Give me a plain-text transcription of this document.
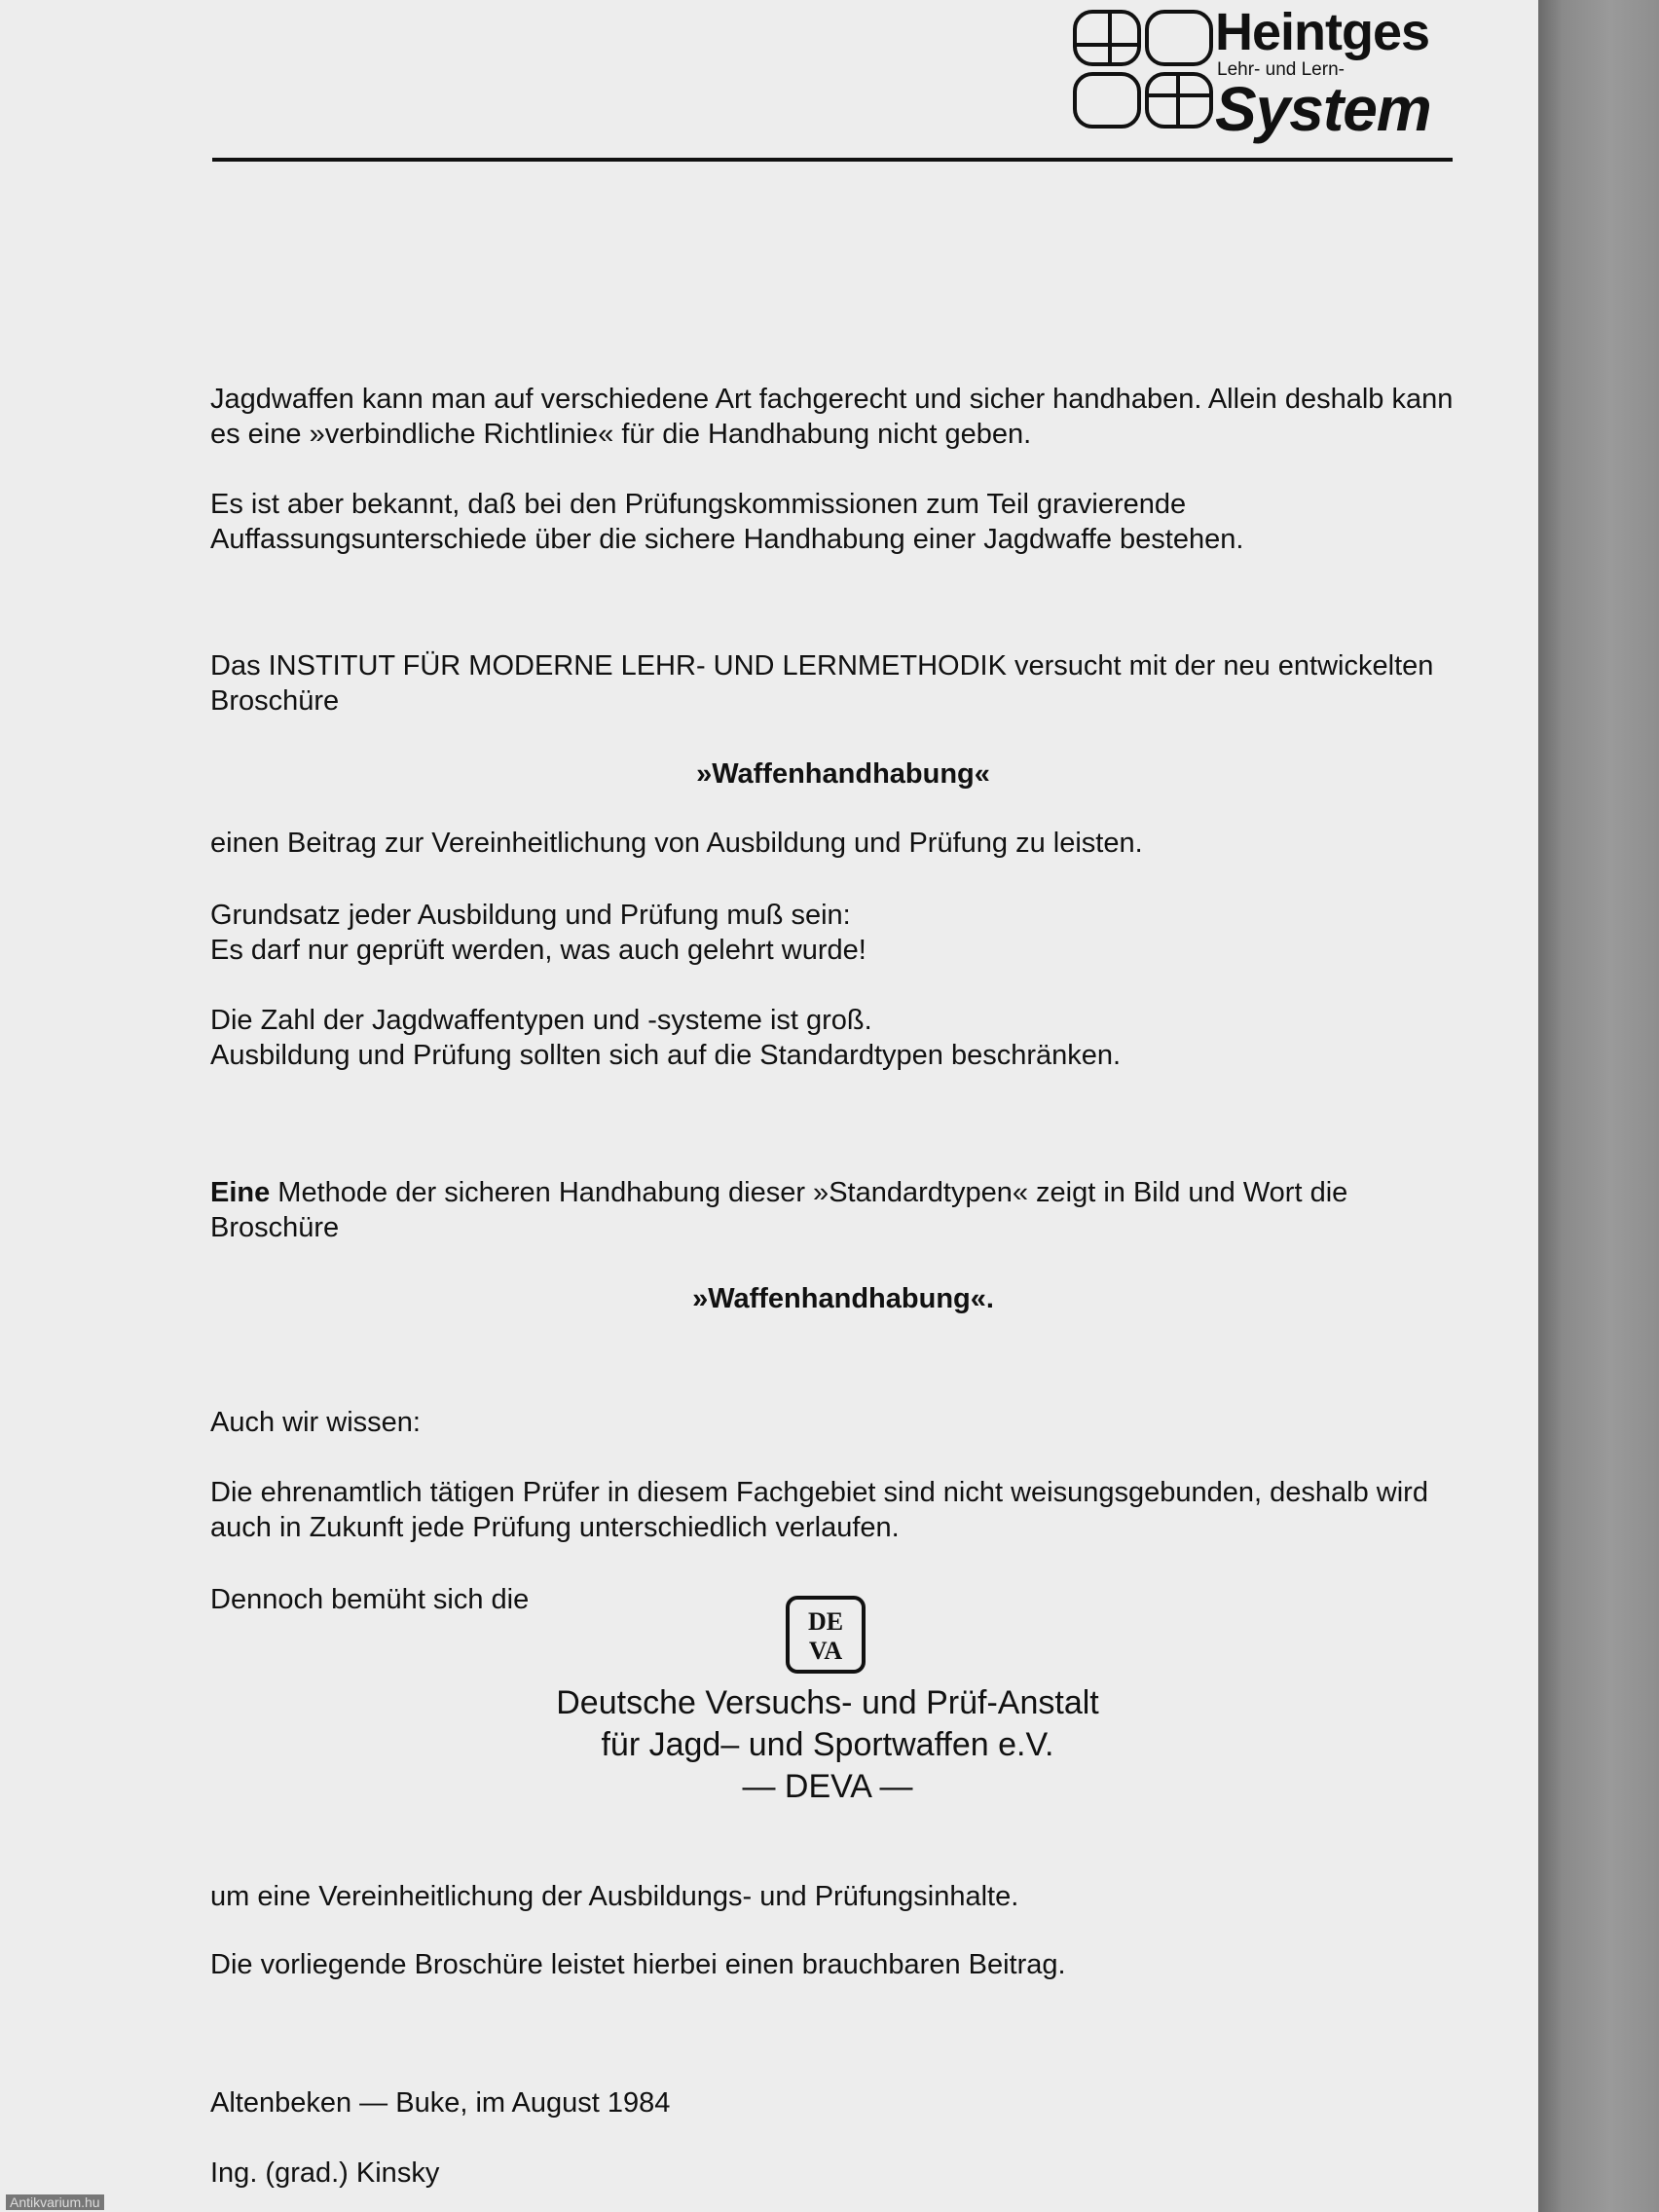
Heintges
Lehr- und Lern-
System

Jagdwaffen kann man auf verschiedene Art fachgerecht und sicher handhaben. Allein deshalb kann es eine »verbindliche Richtlinie« für die Handhabung nicht geben.

Es ist aber bekannt, daß bei den Prüfungskommissionen zum Teil gravierende Auffassungsunterschiede über die sichere Handhabung einer Jagdwaffe bestehen.

Das INSTITUT FÜR MODERNE LEHR- UND LERNMETHODIK versucht mit der neu entwickelten Broschüre

»Waffenhandhabung«

einen Beitrag zur Vereinheitlichung von Ausbildung und Prüfung zu leisten.

Grundsatz jeder Ausbildung und Prüfung muß sein:

Es darf nur geprüft werden, was auch gelehrt wurde!

Die Zahl der Jagdwaffentypen und -systeme ist groß.

Ausbildung und Prüfung sollten sich auf die Standardtypen beschränken.

Eine Methode der sicheren Handhabung dieser »Standardtypen« zeigt in Bild und Wort die Broschüre

»Waffenhandhabung«.

Auch wir wissen:

Die ehrenamtlich tätigen Prüfer in diesem Fachgebiet sind nicht weisungsgebunden, deshalb wird auch in Zukunft jede Prüfung unterschiedlich verlaufen.

Dennoch bemüht sich die

DE
VA
Deutsche Versuchs- und Prüf-Anstalt
für Jagd– und Sportwaffen e.V.
— DEVA —

um eine Vereinheitlichung der Ausbildungs- und Prüfungsinhalte.

Die vorliegende Broschüre leistet hierbei einen brauchbaren Beitrag.

Altenbeken — Buke, im August 1984

Ing. (grad.) Kinsky

Antikvarium.hu
